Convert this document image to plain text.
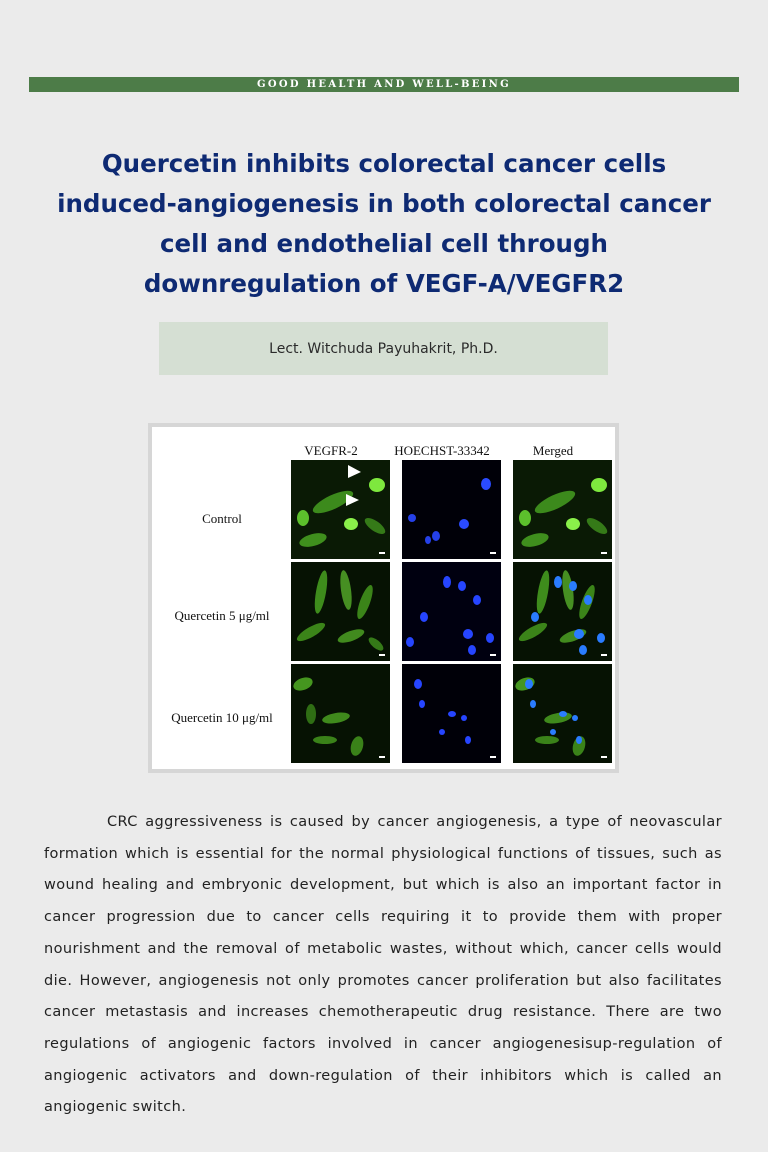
GOOD HEALTH AND WELL-BEING
Quercetin inhibits colorectal cancer cells induced-angiogenesis in both colorectal cancer cell and endothelial cell through downregulation of VEGF-A/VEGFR2
Lect. Witchuda Payuhakrit, Ph.D.
VEGFR-2	HOECHST-33342	Merged
Control
Quercetin 5 μg/ml
Quercetin 10 μg/ml

CRC aggressiveness is caused by cancer angiogenesis, a type of neovascular formation which is essential for the normal physiological functions of tissues, such as wound healing and embryonic development, but which is also an important factor in cancer progression due to cancer cells requiring it to provide them with proper nourishment and the removal of metabolic wastes, without which, cancer cells would die. However, angiogenesis not only promotes cancer proliferation but also facilitates cancer metastasis and increases chemotherapeutic drug resistance. There are two regulations of angiogenic factors involved in cancer angiogenesisup-regulation of angiogenic activators and down-regulation of their inhibitors which is called an angiogenic switch.
